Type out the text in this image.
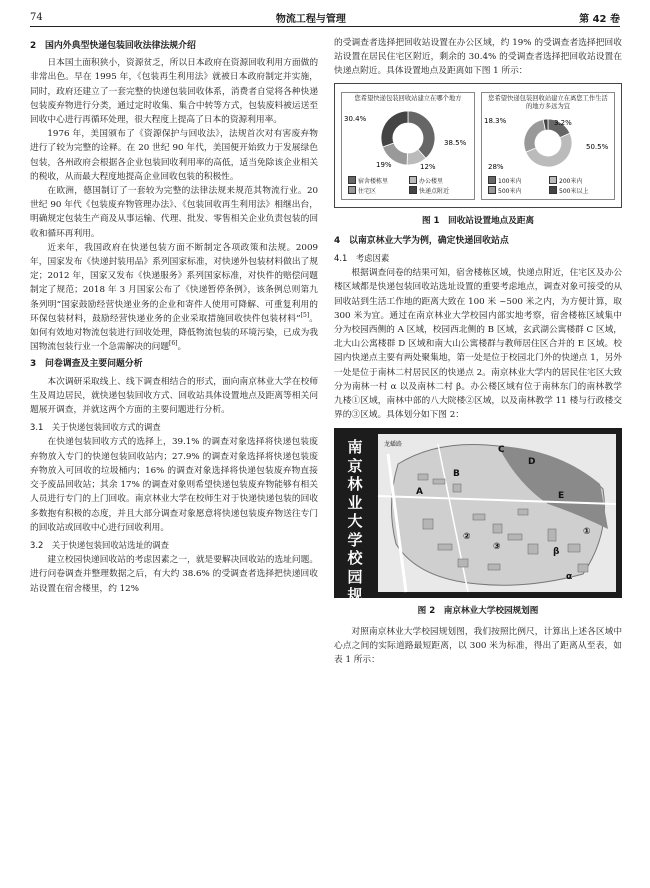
74	物流工程与管理	第 42 卷
2　国内外典型快递包装回收法律法规介绍

日本国土面积狭小，资源贫乏，所以日本政府在资源回收利用方面做的非常出色。早在 1995 年，《包装再生利用法》就被日本政府制定并实施，同时，政府还建立了一套完整的快递包装回收体系，消费者自觉将各种快递包装废弃物进行分类，通过定时收集、集合中转等方式，包装废料被运送至回收中心进行再循环处理，很大程度上提高了日本的资源利用率。

1976 年，美国颁布了《资源保护与回收法》，法规首次对有害废弃物进行了较为完整的诠释。在 20 世纪 90 年代，美国便开始致力于发展绿色包装，各州政府会根据各企业包装回收利用率的高低，适当免除该企业相关的税收，从而最大程度地提高企业回收包装的积极性。

在欧洲，德国制订了一套较为完整的法律法规来规范其物流行业。20 世纪 90 年代《包装废弃物管理办法》、《包装回收再生利用法》相继出台，明确规定包装生产商及从事运输、代理、批发、零售相关企业负责包装的回收和循环再利用。

近来年，我国政府在快递包装方面不断制定各项政策和法规。2009 年，国家发布《快递封装用品》系列国家标准，对快递外包装材料做出了规定；2012 年，国家又发布《快递服务》系列国家标准，对快件的赔偿问题制定了规范；2018 年 3 月国家公布了《快递暂停条例》，该条例总则第九条列明“国家鼓励经营快递业务的企业和寄件人使用可降解、可重复利用的环保包装材料，鼓励经营快递业务的企业采取措施回收快件包装材料”[5]。如何有效地对物流包装进行回收处理，降低物流包装的环境污染，已成为我国物流包装行业一个急需解决的问题[6]。

3　问卷调查及主要问题分析

本次调研采取线上、线下调查相结合的形式，面向南京林业大学在校师生及周边居民，就快递包装回收方式、回收站具体设置地点及距离等相关问题展开调查，并就这两个方面的主要问题进行分析。

3.1　关于快递包装回收方式的调查

在快递包装回收方式的选择上，39.1% 的调查对象选择将快递包装废弃物放入专门的快递包装回收站内；27.9% 的调查对象选择将快递包装废弃物放入可回收的垃圾桶内；16% 的调查对象选择将快递包装废弃物直接交予废品回收站；其余 17% 的调查对象则希望快递包装废弃物能够有相关人员进行专门的上门回收。南京林业大学在校师生对于快递快递包装的回收多数抱有积极的态度，并且大部分调查对象愿意将快递包装废弃物送往专门的回收站或回收中心进行回收利用。

3.2　关于快递包装回收站选址的调查

建立校园快递回收站的考虑因素之一，就是要解决回收站的选址问题。进行问卷调查并整理数据之后，有大约 38.6% 的受调查者选择把快递回收站设置在宿舍楼里，约 12%

的受调查者选择把回收站设置在办公区域，约 19% 的受调查者选择把回收站设置在居民住宅区附近，剩余的 30.4% 的受调查者选择把回收站设置在快递点附近。具体设置地点及距离如下图 1 所示：

您希望快递包装回收站建立在哪个地方
30.4%
38.5%
12%
19%
宿舍楼栋里	办公楼里
住宅区	快递点附近
您希望快递包装回收站建立在离您工作生活的地方多远为宜
18.3%	3.2%
50.5%
28%
100米内	200米内
500米内	500米以上
图 1　回收站设置地点及距离
4　以南京林业大学为例，确定快递回收站点
4.1　考虑因素

根据调查问卷的结果可知，宿舍楼栋区域，快递点附近，住宅区及办公楼区域都是快递包装回收站选址设置的重要考虑地点，调查对象可接受的从回收站到生活工作地的距离大致在 100 米 ~500 米之内，为方便计算，取 300 米为宜。通过在南京林业大学校园内部实地考察，宿舍楼栋区域集中分为校园西侧的 A 区域，校园西北侧的 B 区域，玄武湖公寓楼群 C 区域，北大山公寓楼群 D 区域和南大山公寓楼群与教师居住区合并的 E 区域。校园内快递点主要有两处聚集地，第一处是位于校园北门外的快递点 1，另外一处是位于南林二村居民区的快递点 2。南京林业大学内的居民住宅区大致分为南林一村 α 以及南林二村 β。办公楼区域有位于南林东门的南林教学九楼①区域，南林中部的八大院楼②区域，以及南林教学 11 楼与行政楼交界的③区域。具体划分如下图 2：

南京林业大学校园规划
C
D
A
B
E
β
α
①
②
③
龙蟠路
图 2　南京林业大学校园规划图

对照南京林业大学校园规划图，我们按照比例尺，计算出上述各区域中心点之间的实际道路最短距离，以 300 米为标准，得出了距离从至表，如表 1 所示：
